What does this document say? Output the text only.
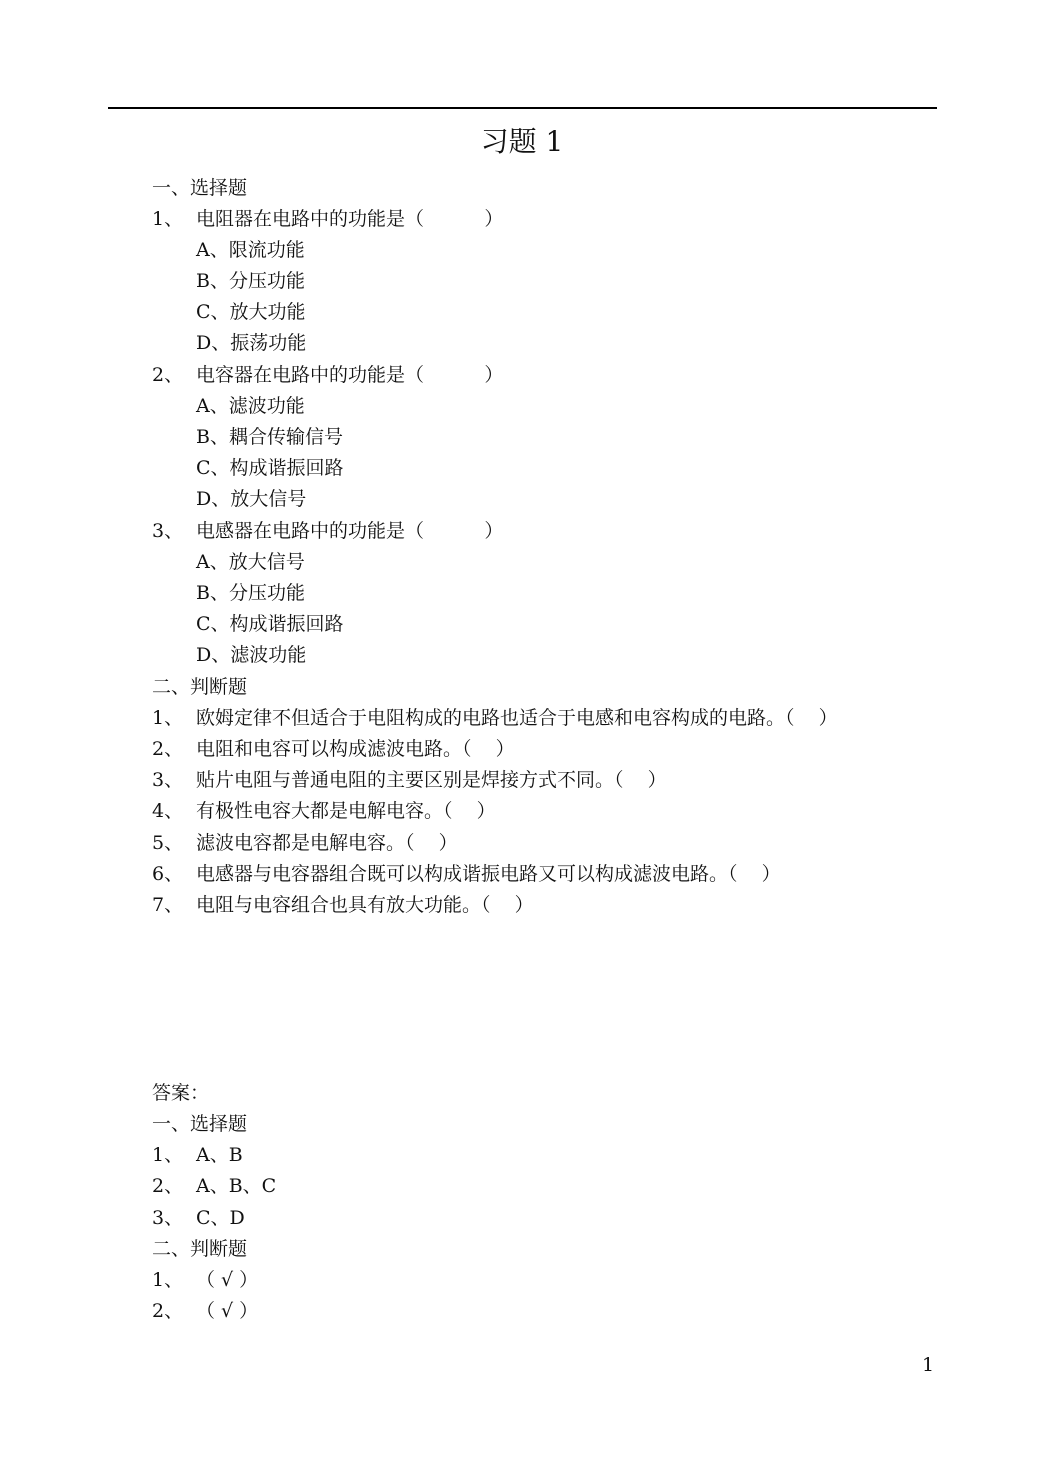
习题 1
一、选择题
1、 电阻器在电路中的功能是（          ）
A、限流功能
B、分压功能
C、放大功能
D、振荡功能
2、 电容器在电路中的功能是（          ）
A、滤波功能
B、耦合传输信号
C、构成谐振回路
D、放大信号
3、 电感器在电路中的功能是（          ）
A、放大信号
B、分压功能
C、构成谐振回路
D、滤波功能
二、判断题
1、 欧姆定律不但适合于电阻构成的电路也适合于电感和电容构成的电路。（    ）
2、 电阻和电容可以构成滤波电路。（    ）
3、 贴片电阻与普通电阻的主要区别是焊接方式不同。（    ）
4、 有极性电容大都是电解电容。（    ）
5、 滤波电容都是电解电容。（    ）
6、 电感器与电容器组合既可以构成谐振电路又可以构成滤波电路。（    ）
7、 电阻与电容组合也具有放大功能。（    ）
答案：
一、选择题
1、 A、B
2、 A、B、C
3、 C、D
二、判断题
1、 （ √ ）
2、 （ √ ）
1
